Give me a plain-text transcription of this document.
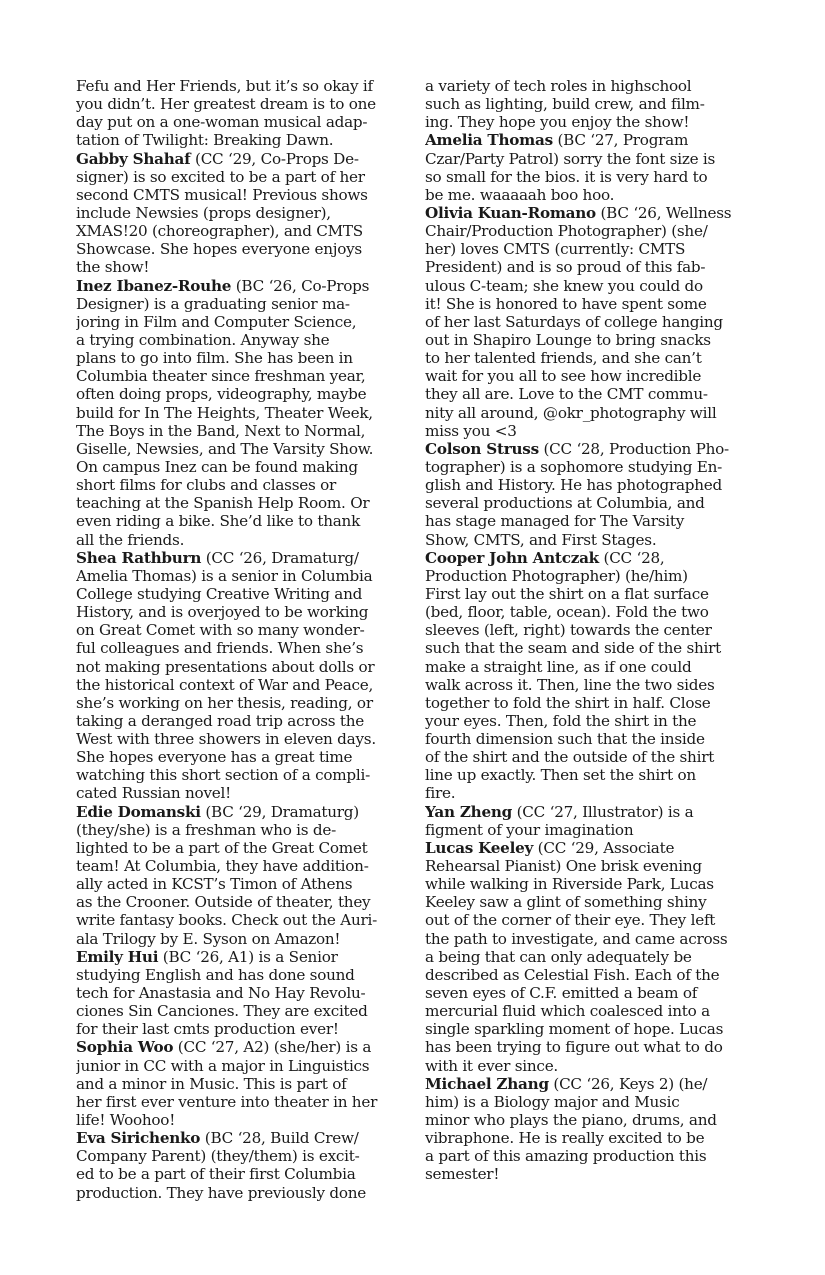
Fefu and Her Friends, but it’s so okay if
you didn’t. Her greatest dream is to one
day put on a one-woman musical adap-
tation of Twilight: Breaking Dawn.
Gabby Shahaf (CC ‘29, Co-Props De-
signer) is so excited to be a part of her
second CMTS musical! Previous shows
include Newsies (props designer),
XMAS!20 (choreographer), and CMTS
Showcase. She hopes everyone enjoys
the show!
Inez Ibanez-Rouhe (BC ‘26, Co-Props
Designer) is a graduating senior ma-
joring in Film and Computer Science,
a trying combination. Anyway she
plans to go into film. She has been in
Columbia theater since freshman year,
often doing props, videography, maybe
build for In The Heights, Theater Week,
The Boys in the Band, Next to Normal,
Giselle, Newsies, and The Varsity Show.
On campus Inez can be found making
short films for clubs and classes or
teaching at the Spanish Help Room. Or
even riding a bike. She’d like to thank
all the friends.
Shea Rathburn (CC ‘26, Dramaturg/
Amelia Thomas) is a senior in Columbia
College studying Creative Writing and
History, and is overjoyed to be working
on Great Comet with so many wonder-
ful colleagues and friends. When she’s
not making presentations about dolls or
the historical context of War and Peace,
she’s working on her thesis, reading, or
taking a deranged road trip across the
West with three showers in eleven days.
She hopes everyone has a great time
watching this short section of a compli-
cated Russian novel!
Edie Domanski (BC ‘29, Dramaturg)
(they/she) is a freshman who is de-
lighted to be a part of the Great Comet
team! At Columbia, they have addition-
ally acted in KCST’s Timon of Athens
as the Crooner. Outside of theater, they
write fantasy books. Check out the Auri-
ala Trilogy by E. Syson on Amazon!
Emily Hui (BC ‘26, A1) is a Senior
studying English and has done sound
tech for Anastasia and No Hay Revolu-
ciones Sin Canciones. They are excited
for their last cmts production ever!
Sophia Woo (CC ‘27, A2) (she/her) is a
junior in CC with a major in Linguistics
and a minor in Music. This is part of
her first ever venture into theater in her
life! Woohoo!
Eva Sirichenko (BC ‘28, Build Crew/
Company Parent) (they/them) is excit-
ed to be a part of their first Columbia
production. They have previously done
a variety of tech roles in highschool
such as lighting, build crew, and film-
ing. They hope you enjoy the show!
Amelia Thomas (BC ‘27, Program
Czar/Party Patrol) sorry the font size is
so small for the bios. it is very hard to
be me. waaaaah boo hoo.
Olivia Kuan-Romano (BC ‘26, Wellness
Chair/Production Photographer) (she/
her) loves CMTS (currently: CMTS
President) and is so proud of this fab-
ulous C-team; she knew you could do
it! She is honored to have spent some
of her last Saturdays of college hanging
out in Shapiro Lounge to bring snacks
to her talented friends, and she can’t
wait for you all to see how incredible
they all are. Love to the CMT commu-
nity all around, @okr_photography will
miss you <3
Colson Struss (CC ‘28, Production Pho-
tographer) is a sophomore studying En-
glish and History. He has photographed
several productions at Columbia, and
has stage managed for The Varsity
Show, CMTS, and First Stages.
Cooper John Antczak (CC ‘28,
Production Photographer) (he/him)
First lay out the shirt on a flat surface
(bed, floor, table, ocean). Fold the two
sleeves (left, right) towards the center
such that the seam and side of the shirt
make a straight line, as if one could
walk across it. Then, line the two sides
together to fold the shirt in half. Close
your eyes. Then, fold the shirt in the
fourth dimension such that the inside
of the shirt and the outside of the shirt
line up exactly. Then set the shirt on
fire.
Yan Zheng (CC ‘27, Illustrator) is a
figment of your imagination
Lucas Keeley (CC ‘29, Associate
Rehearsal Pianist) One brisk evening
while walking in Riverside Park, Lucas
Keeley saw a glint of something shiny
out of the corner of their eye. They left
the path to investigate, and came across
a being that can only adequately be
described as Celestial Fish. Each of the
seven eyes of C.F. emitted a beam of
mercurial fluid which coalesced into a
single sparkling moment of hope. Lucas
has been trying to figure out what to do
with it ever since.
Michael Zhang (CC ‘26, Keys 2) (he/
him) is a Biology major and Music
minor who plays the piano, drums, and
vibraphone. He is really excited to be
a part of this amazing production this
semester!
